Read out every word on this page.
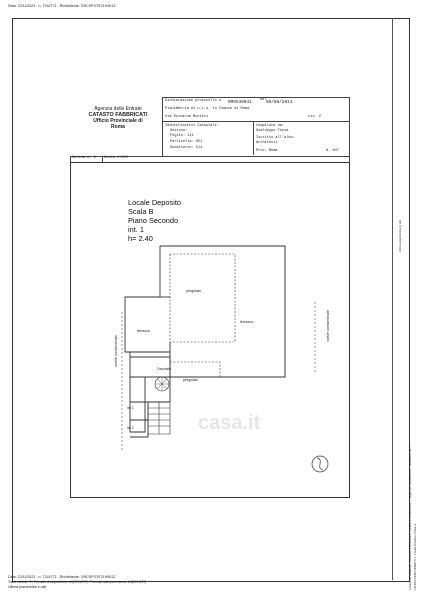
Data: 22/11/2023 - n. T24//771 - Richiedente: GRCSPI79T21H501Z
Agenzia delle Entrate
CATASTO FABBRICATI
Ufficio Provinciale di
Roma
Dichiarazione protocollo n. RM0539041 del 08/08/2014
Planimetria di u.i.u. in Comune di Roma
Via Riccardo Moretti	civ. 2
Identificativi Catastali:
Sezione:
Foglio: 111
Particella: 651
Subalterno: 514
Compilata da:
Gualdoppo Tonia
Iscritto all'albo:
Architetti
Prov. Roma	N. 647
Scheda n. 2 Scala 1:200
Locale Deposito
Scala B
Piano Secondo
int. 1
h= 2.40
pergolato
terrazzo
terrazzo
Deposito
pergolato
int 1
int 2
cortile condominiale
cortile condominiale
casa.it
Ultima planimetria in atti
Catasto dei Fabbricati - Situazione al 22/11/2023 - Comune di ROMA(H501) - < Foglio 111 - Particella 651 - Subalterno 514 > VIA RICCARDO MORETTI n. 2 Scala B Interno 1 Piano 2
Data: 22/11/2023 - n. T24//771 - Richiedente: GRCSPI79T21H501Z
Totale schede: 2 - Formato di acquisizione: A4(210x297) - Formato stampa richiesto: A4(210x297)
Ultima planimetria in atti
